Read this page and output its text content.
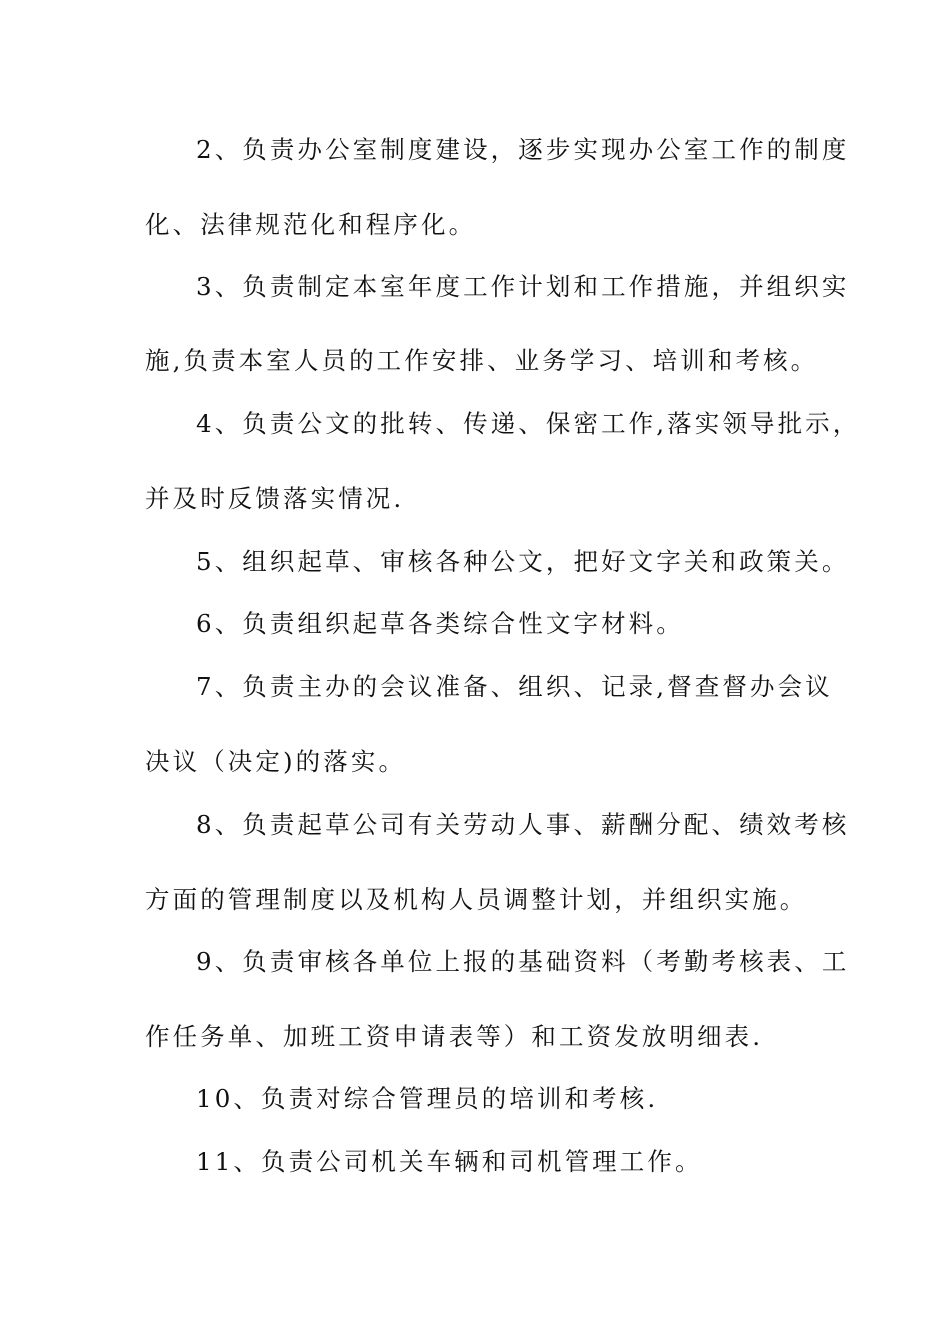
2、负责办公室制度建设，逐步实现办公室工作的制度

化、法律规范化和程序化。

3、负责制定本室年度工作计划和工作措施，并组织实

施,负责本室人员的工作安排、业务学习、培训和考核。

4、负责公文的批转、传递、保密工作,落实领导批示，

并及时反馈落实情况.

5、组织起草、审核各种公文，把好文字关和政策关。

6、负责组织起草各类综合性文字材料。

7、负责主办的会议准备、组织、记录,督查督办会议

决议（决定)的落实。

8、负责起草公司有关劳动人事、薪酬分配、绩效考核

方面的管理制度以及机构人员调整计划，并组织实施。

9、负责审核各单位上报的基础资料（考勤考核表、工

作任务单、加班工资申请表等）和工资发放明细表.

10、负责对综合管理员的培训和考核.

11、负责公司机关车辆和司机管理工作。
